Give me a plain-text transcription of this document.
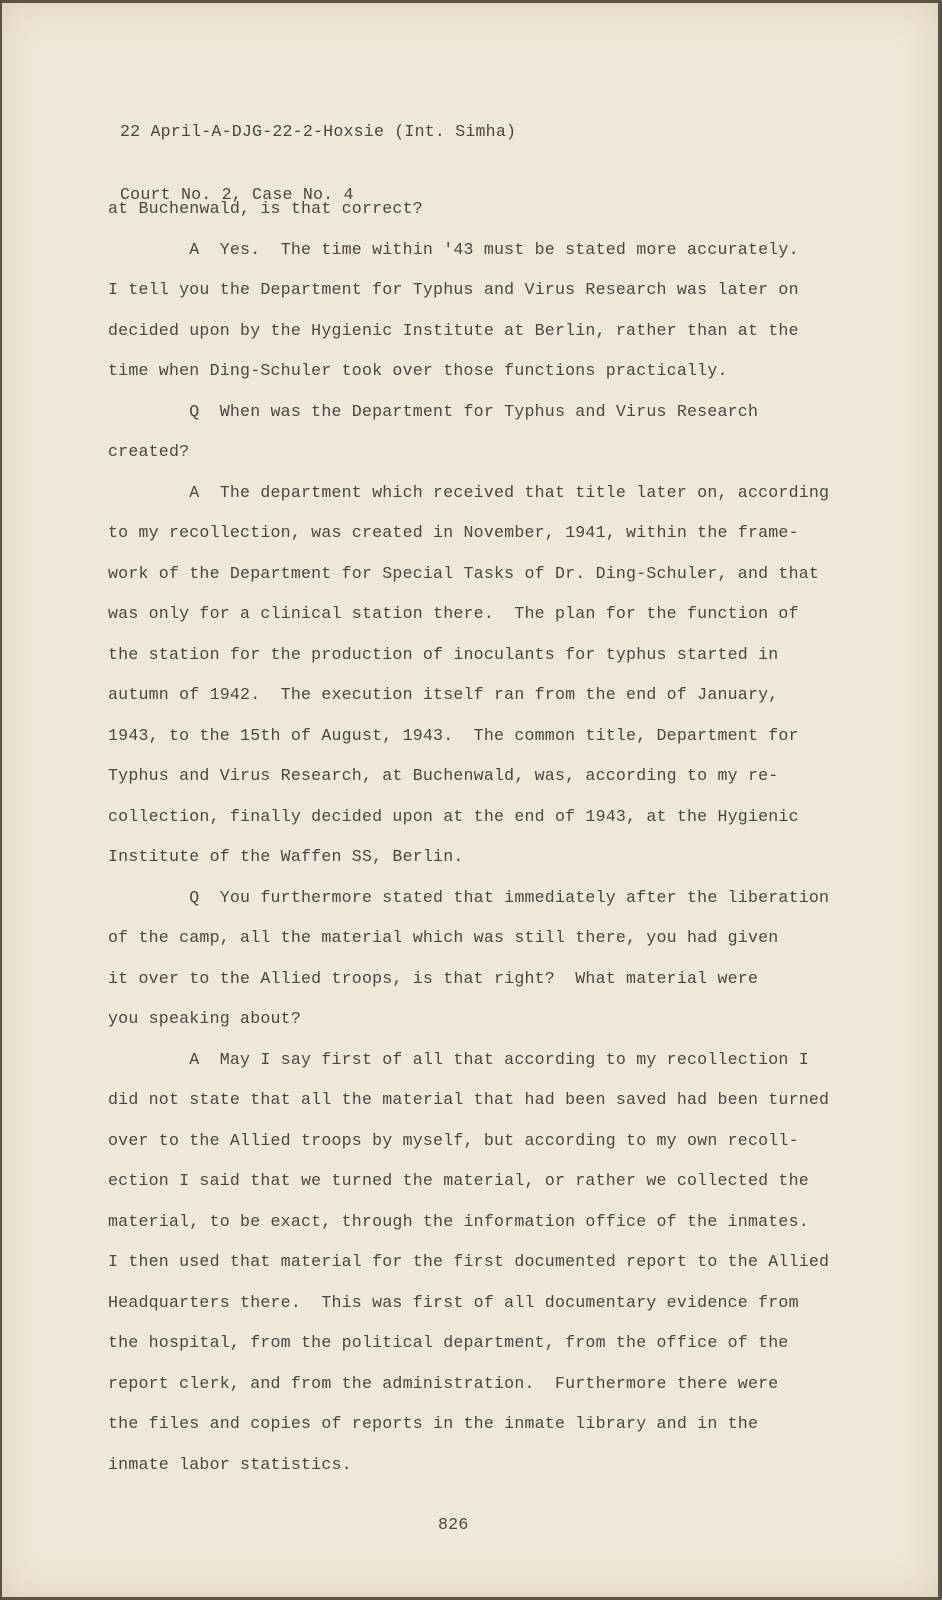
22 April-A-DJG-22-2-Hoxsie (Int. Simha)

Court No. 2, Case No. 4

at Buchenwald, is that correct?

A  Yes.  The time within '43 must be stated more accurately.

I tell you the Department for Typhus and Virus Research was later on

decided upon by the Hygienic Institute at Berlin, rather than at the

time when Ding-Schuler took over those functions practically.

Q  When was the Department for Typhus and Virus Research

created?

A  The department which received that title later on, according

to my recollection, was created in November, 1941, within the frame-

work of the Department for Special Tasks of Dr. Ding-Schuler, and that

was only for a clinical station there.  The plan for the function of

the station for the production of inoculants for typhus started in

autumn of 1942.  The execution itself ran from the end of January,

1943, to the 15th of August, 1943.  The common title, Department for

Typhus and Virus Research, at Buchenwald, was, according to my re-

collection, finally decided upon at the end of 1943, at the Hygienic

Institute of the Waffen SS, Berlin.

Q  You furthermore stated that immediately after the liberation

of the camp, all the material which was still there, you had given

it over to the Allied troops, is that right?  What material were

you speaking about?

A  May I say first of all that according to my recollection I

did not state that all the material that had been saved had been turned

over to the Allied troops by myself, but according to my own recoll-

ection I said that we turned the material, or rather we collected the

material, to be exact, through the information office of the inmates.

I then used that material for the first documented report to the Allied

Headquarters there.  This was first of all documentary evidence from

the hospital, from the political department, from the office of the

report clerk, and from the administration.  Furthermore there were

the files and copies of reports in the inmate library and in the

inmate labor statistics.

826
